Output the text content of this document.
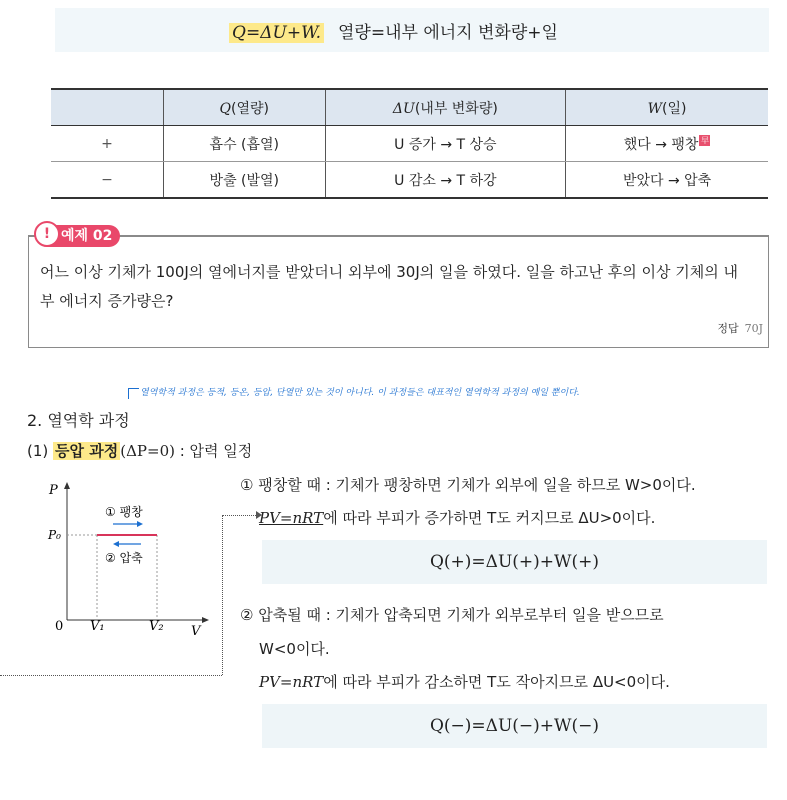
Q=ΔU+W. 열량=내부 에너지 변화량+일
	Q(열량)	ΔU(내부 변화량)	W(일)
+	흡수 (흡열)	U 증가 → T 상승	했다 → 팽창 早
−	방출 (발열)	U 감소 → T 하강	받았다 → 압축
예제 02
!
어느 이상 기체가 100J의 열에너지를 받았더니 외부에 30J의 일을 하였다. 일을 하고난 후의 이상 기체의 내
부 에너지 증가량은?
정답 70J
열역학적 과정은 등적, 등온, 등압, 단열만 있는 것이 아니다. 이 과정들은 대표적인 열역학적 과정의 예일 뿐이다.
2. 열역학 과정
(1) 등압 과정 (ΔP=0) : 압력 일정
P
V
0
P₀
V₁	V₂
① 팽창
② 압축
① 팽창할 때 : 기체가 팽창하면 기체가 외부에 일을 하므로 W>0이다.
PV=nRT에 따라 부피가 증가하면 T도 커지므로 ΔU>0이다.
Q(+)=ΔU(+)+W(+)
② 압축될 때 : 기체가 압축되면 기체가 외부로부터 일을 받으므로
W<0이다.
PV=nRT에 따라 부피가 감소하면 T도 작아지므로 ΔU<0이다.
Q(−)=ΔU(−)+W(−)
